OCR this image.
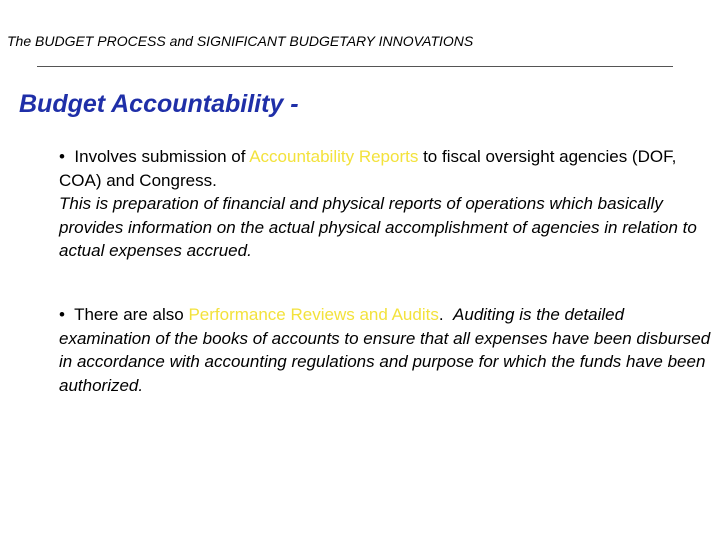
The BUDGET PROCESS and SIGNIFICANT BUDGETARY INNOVATIONS
Budget Accountability -
• Involves submission of Accountability Reports to fiscal oversight agencies (DOF, COA) and Congress.
This is preparation of financial and physical reports of operations which basically provides information on the actual physical accomplishment of agencies in relation to actual expenses accrued.
• There are also Performance Reviews and Audits. Auditing is the detailed examination of the books of accounts to ensure that all expenses have been disbursed in accordance with accounting regulations and purpose for which the funds have been authorized.
